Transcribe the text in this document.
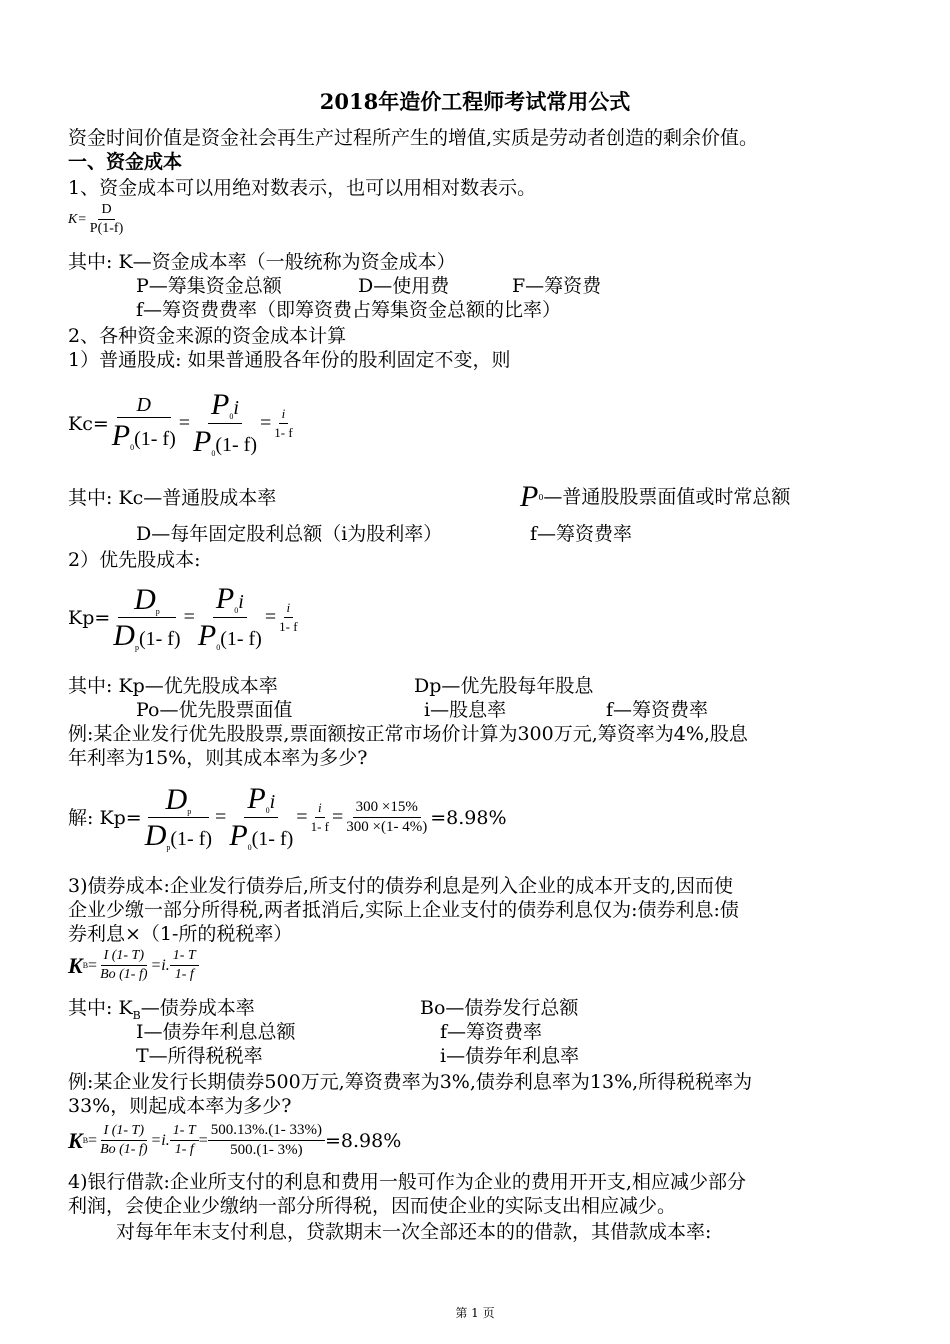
2018年造价工程师考试常用公式
资金时间价值是资金社会再生产过程所产生的增值,实质是劳动者创造的剩余价值。
一、资金成本
1、资金成本可以用绝对数表示，也可以用相对数表示。
$K= \frac{D}{P(1-f)}$
其中: K—资金成本率（一般统称为资金成本）
P—筹集资金总额	D—使用费	F—筹资费
f—筹资费费率（即筹资费占筹集资金总额的比率）
2、各种资金来源的资金成本计算
1）普通股成: 如果普通股各年份的股利固定不变，则
$Kc= \frac{D}{P_0(1- f)} = \frac{P_0i}{P_0(1- f)} = \frac{i}{1- f}$
其中: Kc—普通股成本率	P 0 —普通股股票面值或时常总额
D—每年固定股利总额（i为股利率）	f—筹资费率
2）优先股成本:
$Kp= \frac{D_p}{D_p(1- f)} = \frac{P_0i}{P_0(1- f)} = \frac{i}{1- f}$
其中: Kp—优先股成本率	Dp—优先股每年股息
Po—优先股票面值	i—股息率	f—筹资费率
例:某企业发行优先股股票,票面额按正常市场价计算为300万元,筹资率为4%,股息
年利率为15%，则其成本率为多少?
解: $Kp= \frac{D_p}{D_p(1- f)} = \frac{P_0i}{P_0(1- f)} = \frac{i}{1- f} = \frac{300 \times 15\%}{300 \times(1- 4\%)} =8.98\%$
3)债券成本:企业发行债券后,所支付的债券利息是列入企业的成本开支的,因而使
企业少缴一部分所得税,两者抵消后,实际上企业支付的债券利息仅为:债券利息:债
券利息×（1-所的税税率）
K $B = \frac{I (1- T)}{Bo (1- f)} =i$. $\frac{1- T}{1- f}$
其中: $K_B—$债券成本率	Bo—债券发行总额
I—债券年利息总额	f—筹资费率
T—所得税税率	i—债券年利息率
例:某企业发行长期债券500万元,筹资费率为3%,债券利息率为13%,所得税税率为
33%，则起成本率为多少?
K $B = \frac{I (1- T)}{Bo (1- f)} =i$. $\frac{1- T}{1- f} = \frac{500.13\%.(1- 33\%)}{500.(1- 3\%)} =8.98\%$
4)银行借款:企业所支付的利息和费用一般可作为企业的费用开开支,相应减少部分
利润，会使企业少缴纳一部分所得税，因而使企业的实际支出相应减少。
对每年年末支付利息，贷款期末一次全部还本的的借款，其借款成本率:
第 1 页
